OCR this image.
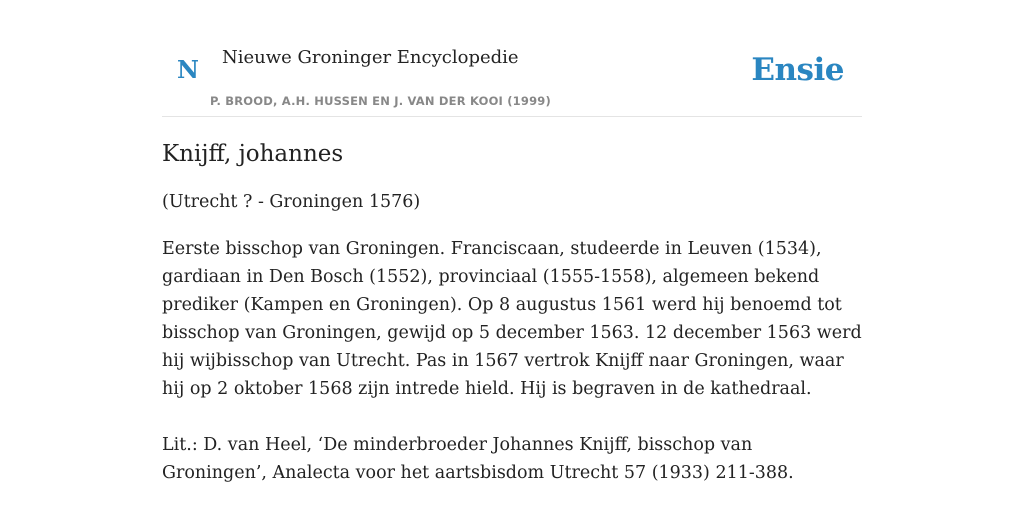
N Nieuwe Groninger Encyclopedie
P. BROOD, A.H. HUSSEN EN J. VAN DER KOOI (1999)
Ensie
Knijff, johannes

(Utrecht ? - Groningen 1576)

Eerste bisschop van Groningen. Franciscaan, studeerde in Leuven (1534), gardiaan in Den Bosch (1552), provinciaal (1555-1558), algemeen bekend prediker (Kampen en Groningen). Op 8 augustus 1561 werd hij benoemd tot bisschop van Groningen, gewijd op 5 december 1563. 12 december 1563 werd hij wijbisschop van Utrecht. Pas in 1567 vertrok Knijff naar Groningen, waar hij op 2 oktober 1568 zijn intrede hield. Hij is begraven in de kathedraal.

Lit.: D. van Heel, ‘De minderbroeder Johannes Knijff, bisschop van Groningen’, Analecta voor het aartsbisdom Utrecht 57 (1933) 211-388.
